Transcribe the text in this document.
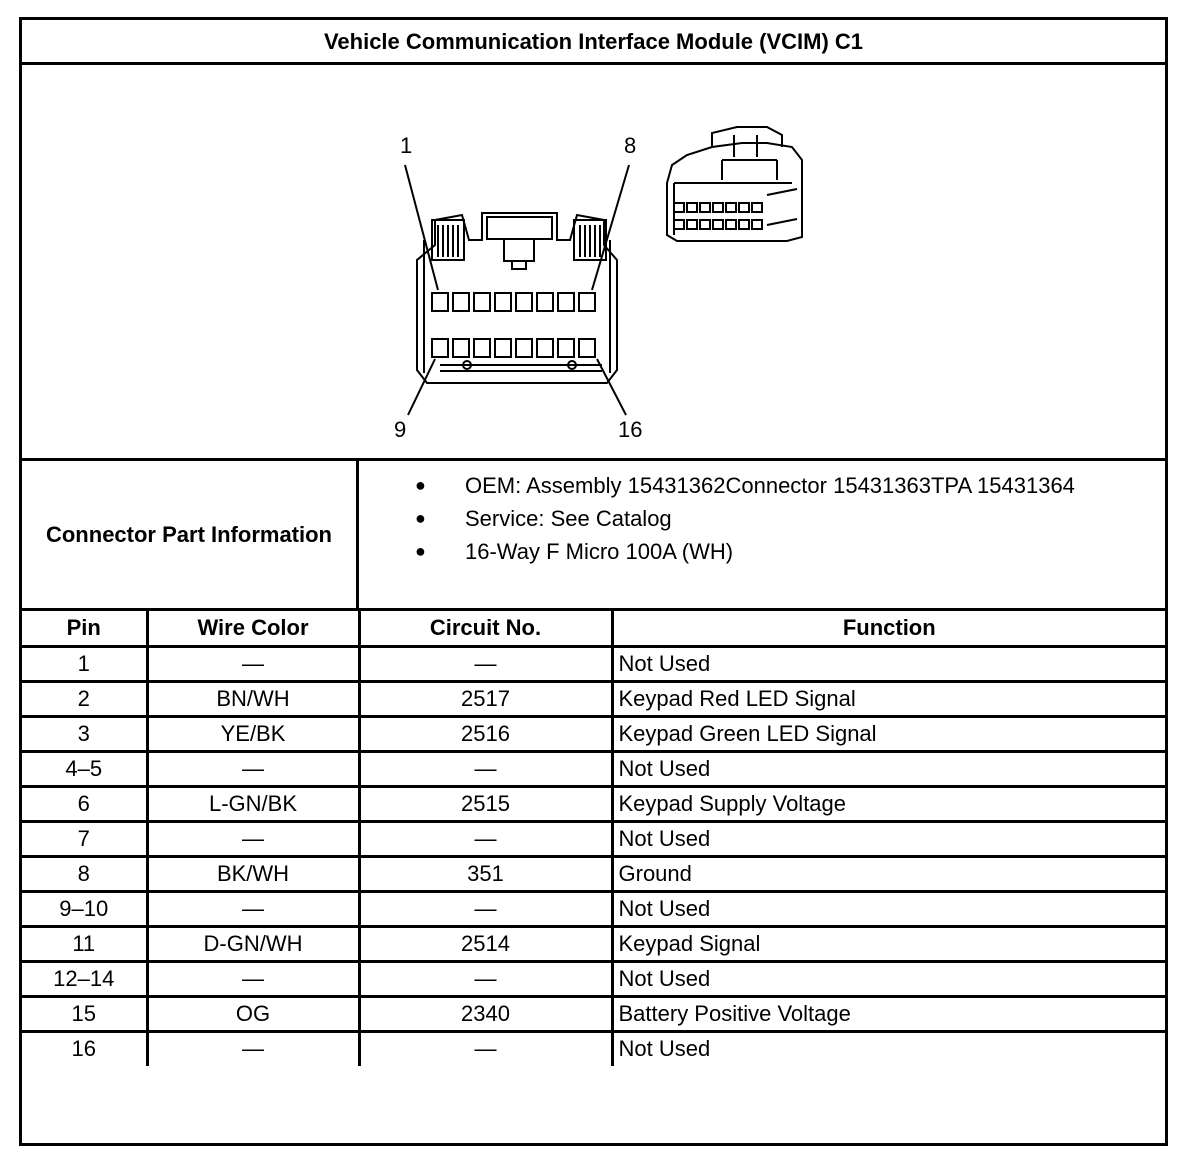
Vehicle Communication Interface Module (VCIM) C1
1	8
9	16
Connector Part Information
● OEM: Assembly 15431362Connector 15431363TPA 15431364
● Service: See Catalog
● 16-Way F Micro 100A (WH)
Pin	Wire Color	Circuit No.	Function
1	—	—	Not Used
2	BN/WH	2517	Keypad Red LED Signal
3	YE/BK	2516	Keypad Green LED Signal
4–5	—	—	Not Used
6	L-GN/BK	2515	Keypad Supply Voltage
7	—	—	Not Used
8	BK/WH	351	Ground
9–10	—	—	Not Used
11	D-GN/WH	2514	Keypad Signal
12–14	—	—	Not Used
15	OG	2340	Battery Positive Voltage
16	—	—	Not Used
